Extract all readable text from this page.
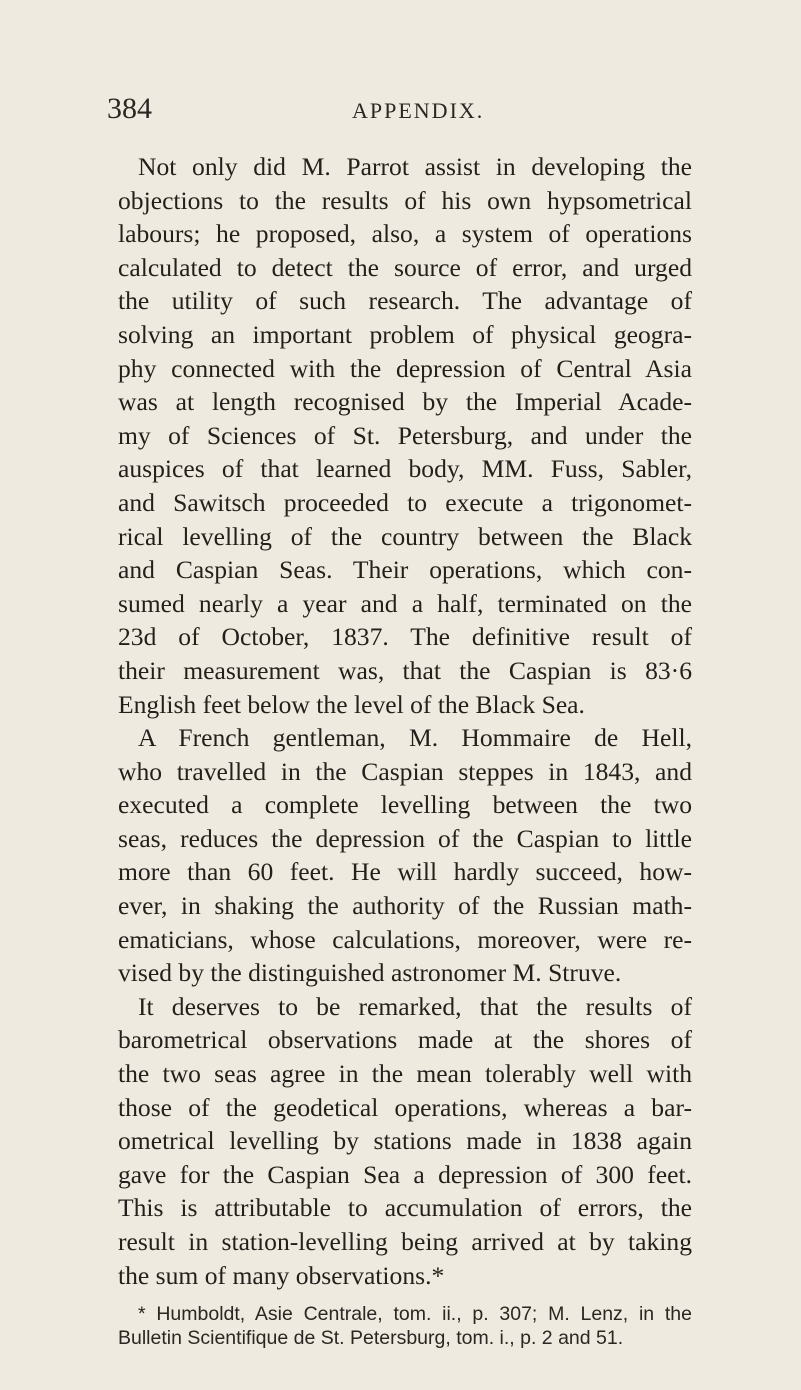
384	APPENDIX.
Not only did M. Parrot assist in developing the
objections to the results of his own hypsometrical
labours; he proposed, also, a system of operations
calculated to detect the source of error, and urged
the utility of such research. The advantage of
solving an important problem of physical geogra-
phy connected with the depression of Central Asia
was at length recognised by the Imperial Acade-
my of Sciences of St. Petersburg, and under the
auspices of that learned body, MM. Fuss, Sabler,
and Sawitsch proceeded to execute a trigonomet-
rical levelling of the country between the Black
and Caspian Seas. Their operations, which con-
sumed nearly a year and a half, terminated on the
23d of October, 1837. The definitive result of
their measurement was, that the Caspian is 83·6
English feet below the level of the Black Sea.
A French gentleman, M. Hommaire de Hell,
who travelled in the Caspian steppes in 1843, and
executed a complete levelling between the two
seas, reduces the depression of the Caspian to little
more than 60 feet. He will hardly succeed, how-
ever, in shaking the authority of the Russian math-
ematicians, whose calculations, moreover, were re-
vised by the distinguished astronomer M. Struve.
It deserves to be remarked, that the results of
barometrical observations made at the shores of
the two seas agree in the mean tolerably well with
those of the geodetical operations, whereas a bar-
ometrical levelling by stations made in 1838 again
gave for the Caspian Sea a depression of 300 feet.
This is attributable to accumulation of errors, the
result in station-levelling being arrived at by taking
the sum of many observations.*
* Humboldt, Asie Centrale, tom. ii., p. 307; M. Lenz, in the
Bulletin Scientifique de St. Petersburg, tom. i., p. 2 and 51.
